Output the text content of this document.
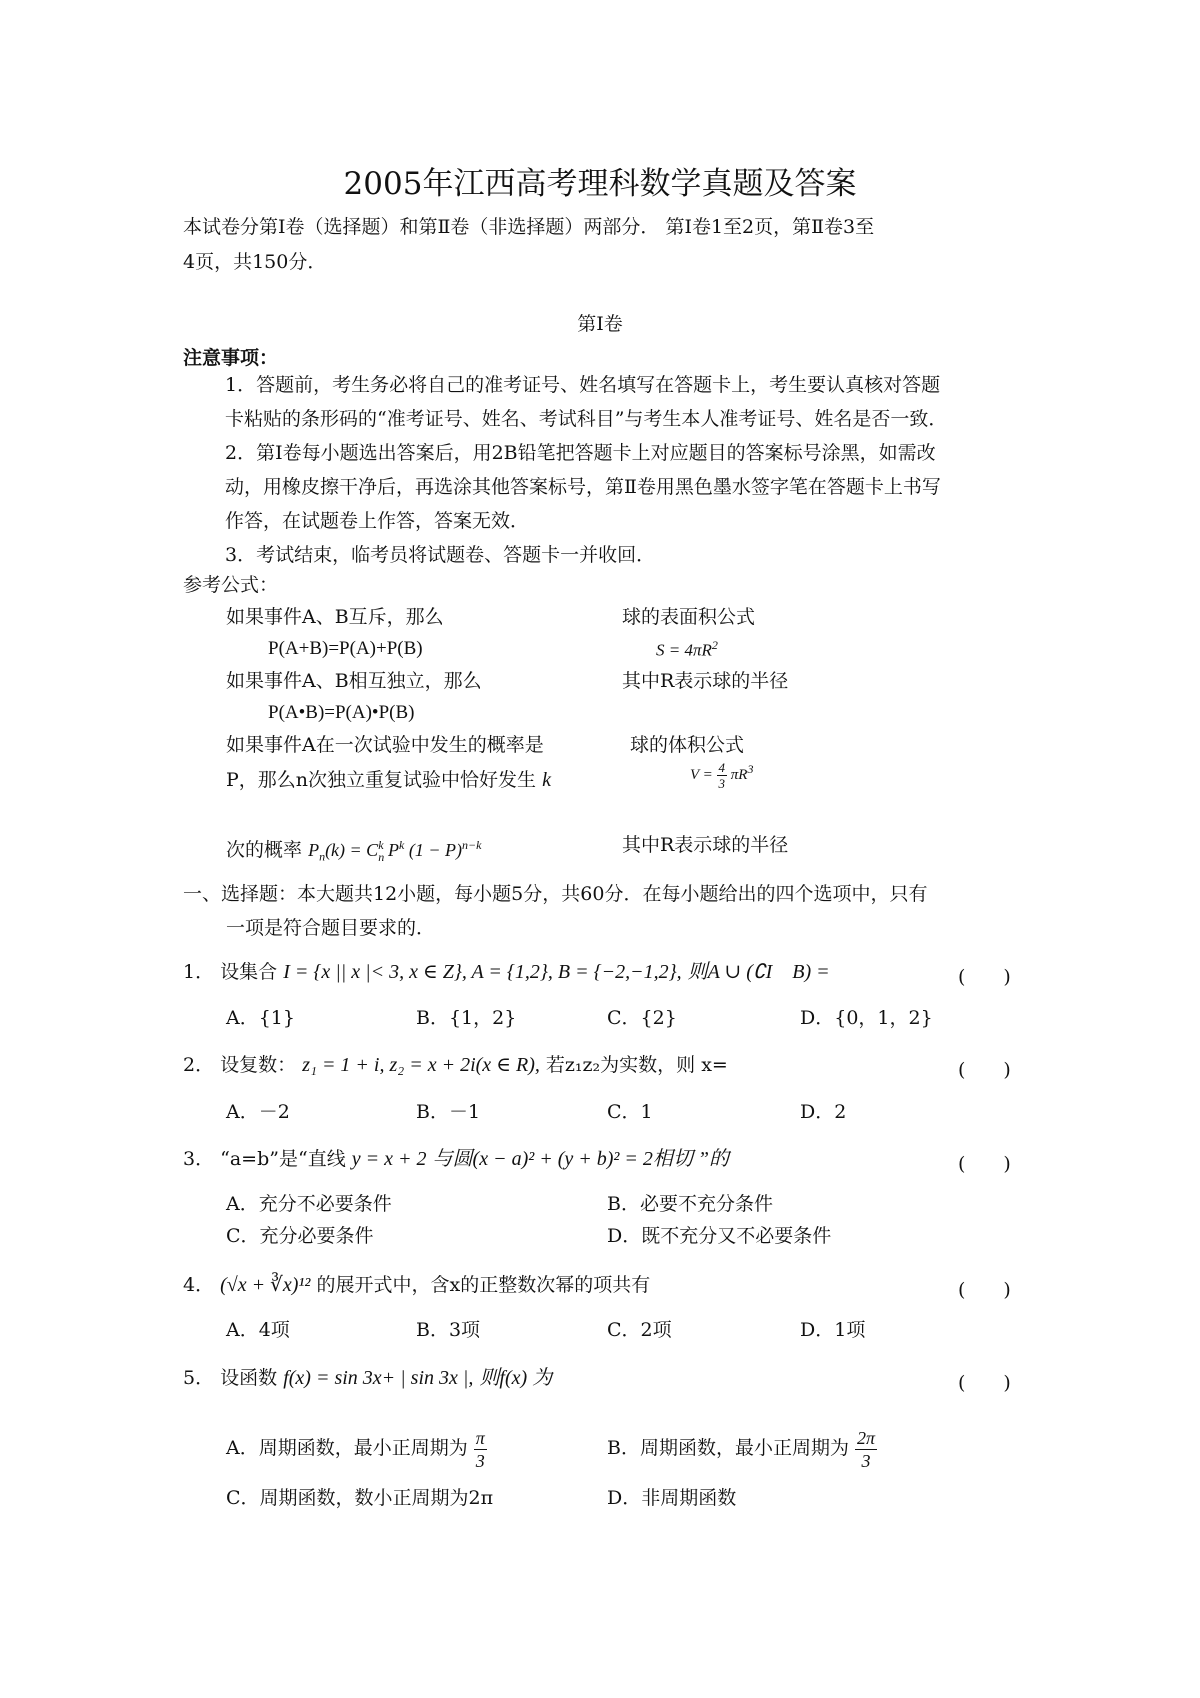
2005年江西高考理科数学真题及答案
本试卷分第Ⅰ卷（选择题）和第Ⅱ卷（非选择题）两部分． 第Ⅰ卷1至2页，第Ⅱ卷3至
4页，共150分．
第Ⅰ卷
注意事项：
1．答题前，考生务必将自己的准考证号、姓名填写在答题卡上，考生要认真核对答题
卡粘贴的条形码的“准考证号、姓名、考试科目”与考生本人准考证号、姓名是否一致．
2．第Ⅰ卷每小题选出答案后，用2B铅笔把答题卡上对应题目的答案标号涂黑，如需改
动，用橡皮擦干净后，再选涂其他答案标号，第Ⅱ卷用黑色墨水签字笔在答题卡上书写
作答，在试题卷上作答，答案无效．
3．考试结束，临考员将试题卷、答题卡一并收回．
参考公式：
如果事件A、B互斥，那么
P(A+B)=P(A)+P(B)
如果事件A、B相互独立，那么
P(A•B)=P(A)•P(B)
如果事件A在一次试验中发生的概率是
P，那么n次独立重复试验中恰好发生 k
次的概率 $P_n(k) = C_n^k$ $P^k$ $(1 - P)^{n-k}$
球的表面积公式
$S = 4\pi R^2$
其中R表示球的半径
球的体积公式
$V = \frac{4}{3} \pi R^3$
其中R表示球的半径
一、选择题：本大题共12小题，每小题5分，共60分．在每小题给出的四个选项中，只有
一项是符合题目要求的．
1． 设集合 I = {x || x |< 3, x ∈ Z}, A = {1,2}, B = {−2,−1,2}, 则A ∪ (∁I　B) =	(　　)
A．{1}	B．{1，2}	C．{2}	D．{0，1，2}
2． 设复数： z₁ = 1 + i, z₂ = x + 2i(x ∈ R), 若z₁z₂为实数，则 x=	(　　)
A．－2	B．－1	C．1	D．2
3． “a=b”是“直线 y = x + 2 与圆(x − a)² + (y + b)² = 2相切 ”的	(　　)
A．充分不必要条件	B．必要不充分条件
C．充分必要条件	D．既不充分又不必要条件
4． (√x + ∛x)¹² 的展开式中，含x的正整数次幂的项共有	(　　)
A．4项	B．3项	C．2项	D．1项
5． 设函数 f(x) = sin 3x+ | sin 3x |, 则f(x) 为	(　　)
A．周期函数，最小正周期为 $\frac{\pi}{3}$	B．周期函数，最小正周期为 $\frac{2\pi}{3}$
C．周期函数，数小正周期为2π	D．非周期函数
